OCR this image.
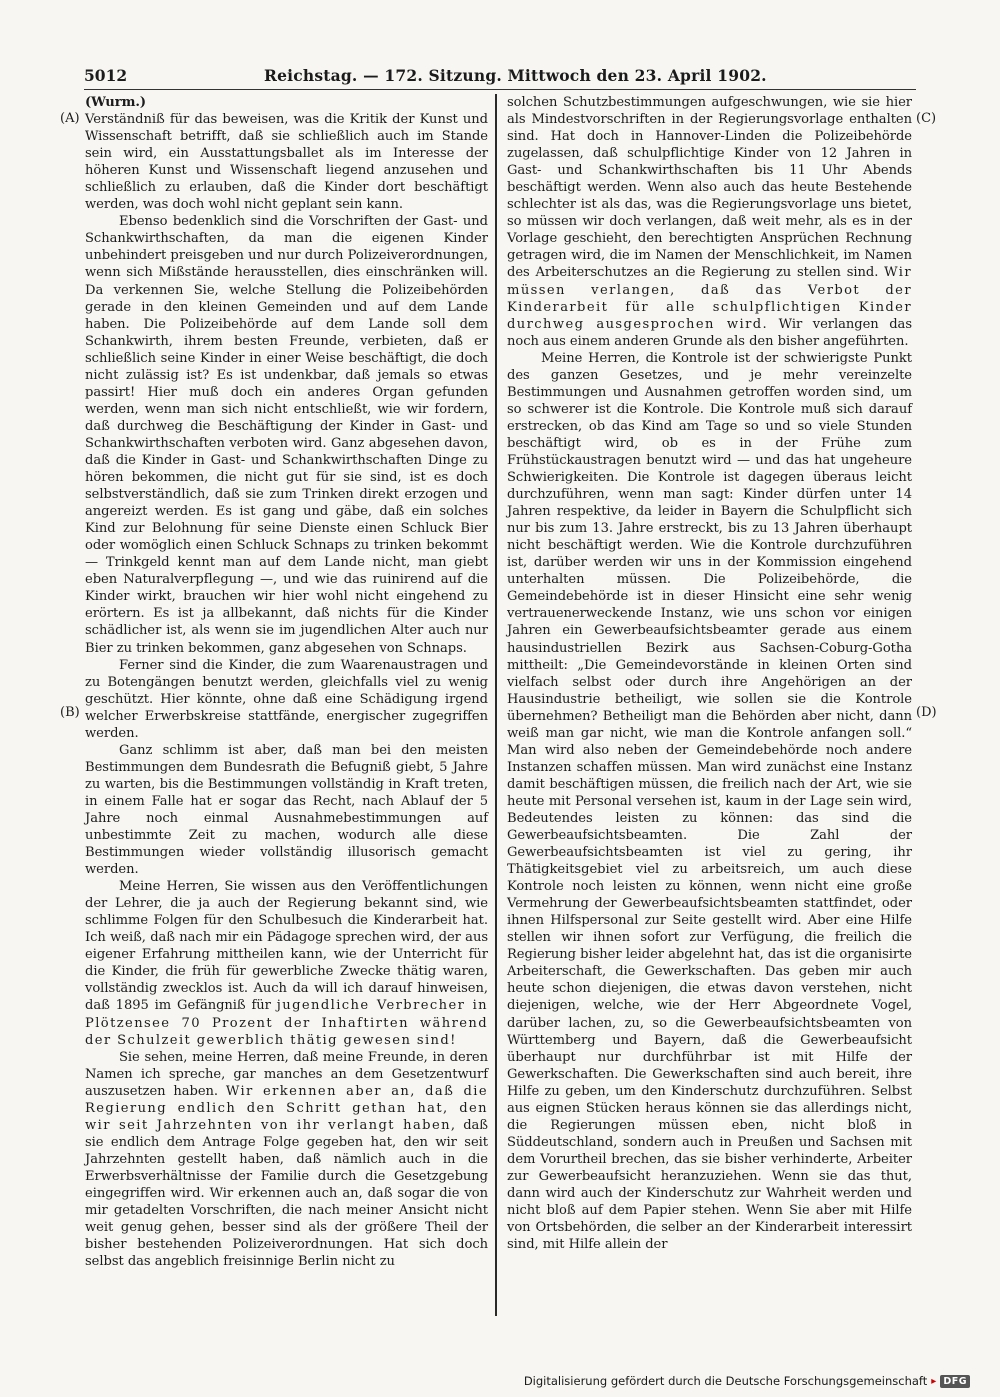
5012	Reichstag. — 172. Sitzung. Mittwoch den 23. April 1902.
(A)
(B)
(C)
(D)

(Wurm.)

Verständniß für das beweisen, was die Kritik der Kunst und Wissenschaft betrifft, daß sie schließlich auch im Stande sein wird, ein Ausstattungsballet als im Interesse der höheren Kunst und Wissenschaft liegend anzusehen und schließlich zu erlauben, daß die Kinder dort beschäftigt werden, was doch wohl nicht geplant sein kann.

Ebenso bedenklich sind die Vorschriften der Gast- und Schankwirthschaften, da man die eigenen Kinder unbehindert preisgeben und nur durch Polizeiverordnungen, wenn sich Mißstände herausstellen, dies einschränken will. Da verkennen Sie, welche Stellung die Polizeibehörden gerade in den kleinen Gemeinden und auf dem Lande haben. Die Polizeibehörde auf dem Lande soll dem Schankwirth, ihrem besten Freunde, verbieten, daß er schließlich seine Kinder in einer Weise beschäftigt, die doch nicht zulässig ist? Es ist undenkbar, daß jemals so etwas passirt! Hier muß doch ein anderes Organ gefunden werden, wenn man sich nicht entschließt, wie wir fordern, daß durchweg die Beschäftigung der Kinder in Gast- und Schankwirthschaften verboten wird. Ganz abgesehen davon, daß die Kinder in Gast- und Schankwirthschaften Dinge zu hören bekommen, die nicht gut für sie sind, ist es doch selbstverständlich, daß sie zum Trinken direkt erzogen und angereizt werden. Es ist gang und gäbe, daß ein solches Kind zur Belohnung für seine Dienste einen Schluck Bier oder womöglich einen Schluck Schnaps zu trinken bekommt — Trinkgeld kennt man auf dem Lande nicht, man giebt eben Naturalverpflegung —, und wie das ruinirend auf die Kinder wirkt, brauchen wir hier wohl nicht eingehend zu erörtern. Es ist ja allbekannt, daß nichts für die Kinder schädlicher ist, als wenn sie im jugendlichen Alter auch nur Bier zu trinken bekommen, ganz abgesehen von Schnaps.

Ferner sind die Kinder, die zum Waarenaustragen und zu Botengängen benutzt werden, gleichfalls viel zu wenig geschützt. Hier könnte, ohne daß eine Schädigung irgend welcher Erwerbskreise stattfände, energischer zugegriffen werden.

Ganz schlimm ist aber, daß man bei den meisten Bestimmungen dem Bundesrath die Befugniß giebt, 5 Jahre zu warten, bis die Bestimmungen vollständig in Kraft treten, in einem Falle hat er sogar das Recht, nach Ablauf der 5 Jahre noch einmal Ausnahmebestimmungen auf unbestimmte Zeit zu machen, wodurch alle diese Bestimmungen wieder vollständig illusorisch gemacht werden.

Meine Herren, Sie wissen aus den Veröffentlichungen der Lehrer, die ja auch der Regierung bekannt sind, wie schlimme Folgen für den Schulbesuch die Kinderarbeit hat. Ich weiß, daß nach mir ein Pädagoge sprechen wird, der aus eigener Erfahrung mittheilen kann, wie der Unterricht für die Kinder, die früh für gewerbliche Zwecke thätig waren, vollständig zwecklos ist. Auch da will ich darauf hinweisen, daß 1895 im Gefängniß für jugendliche Verbrecher in Plötzensee 70 Prozent der Inhaftirten während der Schulzeit gewerblich thätig gewesen sind!

Sie sehen, meine Herren, daß meine Freunde, in deren Namen ich spreche, gar manches an dem Gesetzentwurf auszusetzen haben. Wir erkennen aber an, daß die Regierung endlich den Schritt gethan hat, den wir seit Jahrzehnten von ihr verlangt haben, daß sie endlich dem Antrage Folge gegeben hat, den wir seit Jahrzehnten gestellt haben, daß nämlich auch in die Erwerbsverhältnisse der Familie durch die Gesetzgebung eingegriffen wird. Wir erkennen auch an, daß sogar die von mir getadelten Vorschriften, die nach meiner Ansicht nicht weit genug gehen, besser sind als der größere Theil der bisher bestehenden Polizeiverordnungen. Hat sich doch selbst das angeblich freisinnige Berlin nicht zu

solchen Schutzbestimmungen aufgeschwungen, wie sie hier als Mindestvorschriften in der Regierungsvorlage enthalten sind. Hat doch in Hannover-Linden die Polizeibehörde zugelassen, daß schulpflichtige Kinder von 12 Jahren in Gast- und Schankwirthschaften bis 11 Uhr Abends beschäftigt werden. Wenn also auch das heute Bestehende schlechter ist als das, was die Regierungsvorlage uns bietet, so müssen wir doch verlangen, daß weit mehr, als es in der Vorlage geschieht, den berechtigten Ansprüchen Rechnung getragen wird, die im Namen der Menschlichkeit, im Namen des Arbeiterschutzes an die Regierung zu stellen sind. Wir müssen verlangen, daß das Verbot der Kinderarbeit für alle schulpflichtigen Kinder durchweg ausgesprochen wird. Wir verlangen das noch aus einem anderen Grunde als den bisher angeführten.

Meine Herren, die Kontrole ist der schwierigste Punkt des ganzen Gesetzes, und je mehr vereinzelte Bestimmungen und Ausnahmen getroffen worden sind, um so schwerer ist die Kontrole. Die Kontrole muß sich darauf erstrecken, ob das Kind am Tage so und so viele Stunden beschäftigt wird, ob es in der Frühe zum Frühstückaustragen benutzt wird — und das hat ungeheure Schwierigkeiten. Die Kontrole ist dagegen überaus leicht durchzuführen, wenn man sagt: Kinder dürfen unter 14 Jahren respektive, da leider in Bayern die Schulpflicht sich nur bis zum 13. Jahre erstreckt, bis zu 13 Jahren überhaupt nicht beschäftigt werden. Wie die Kontrole durchzuführen ist, darüber werden wir uns in der Kommission eingehend unterhalten müssen. Die Polizeibehörde, die Gemeindebehörde ist in dieser Hinsicht eine sehr wenig vertrauenerweckende Instanz, wie uns schon vor einigen Jahren ein Gewerbeaufsichtsbeamter gerade aus einem hausindustriellen Bezirk aus Sachsen-Coburg-Gotha mittheilt: „Die Gemeindevorstände in kleinen Orten sind vielfach selbst oder durch ihre Angehörigen an der Hausindustrie betheiligt, wie sollen sie die Kontrole übernehmen? Betheiligt man die Behörden aber nicht, dann weiß man gar nicht, wie man die Kontrole anfangen soll.“ Man wird also neben der Gemeindebehörde noch andere Instanzen schaffen müssen. Man wird zunächst eine Instanz damit beschäftigen müssen, die freilich nach der Art, wie sie heute mit Personal versehen ist, kaum in der Lage sein wird, Bedeutendes leisten zu können: das sind die Gewerbeaufsichtsbeamten. Die Zahl der Gewerbeaufsichtsbeamten ist viel zu gering, ihr Thätigkeitsgebiet viel zu arbeitsreich, um auch diese Kontrole noch leisten zu können, wenn nicht eine große Vermehrung der Gewerbeaufsichtsbeamten stattfindet, oder ihnen Hilfspersonal zur Seite gestellt wird. Aber eine Hilfe stellen wir ihnen sofort zur Verfügung, die freilich die Regierung bisher leider abgelehnt hat, das ist die organisirte Arbeiterschaft, die Gewerkschaften. Das geben mir auch heute schon diejenigen, die etwas davon verstehen, nicht diejenigen, welche, wie der Herr Abgeordnete Vogel, darüber lachen, zu, so die Gewerbeaufsichtsbeamten von Württemberg und Bayern, daß die Gewerbeaufsicht überhaupt nur durchführbar ist mit Hilfe der Gewerkschaften. Die Gewerkschaften sind auch bereit, ihre Hilfe zu geben, um den Kinderschutz durchzuführen. Selbst aus eignen Stücken heraus können sie das allerdings nicht, die Regierungen müssen eben, nicht bloß in Süddeutschland, sondern auch in Preußen und Sachsen mit dem Vorurtheil brechen, das sie bisher verhinderte, Arbeiter zur Gewerbeaufsicht heranzuziehen. Wenn sie das thut, dann wird auch der Kinderschutz zur Wahrheit werden und nicht bloß auf dem Papier stehen. Wenn Sie aber mit Hilfe von Ortsbehörden, die selber an der Kinderarbeit interessirt sind, mit Hilfe allein der

Digitalisierung gefördert durch die Deutsche Forschungsgemeinschaft ▸ DFG
